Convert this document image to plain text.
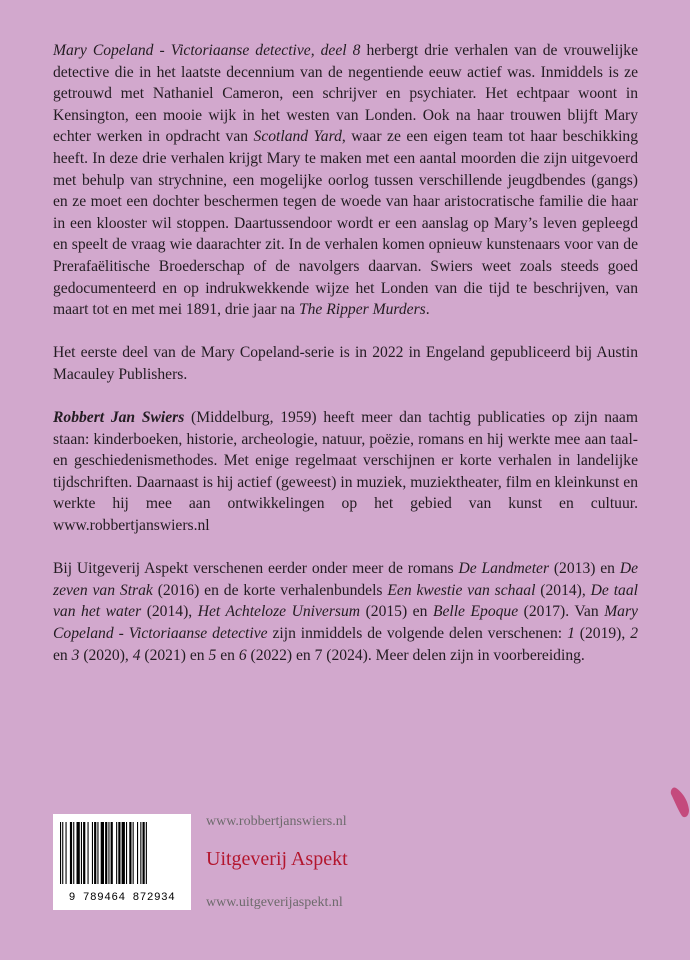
Mary Copeland - Victoriaanse detective, deel 8 herbergt drie verhalen van de vrouwelijke detective die in het laatste decennium van de negentiende eeuw actief was. Inmiddels is ze getrouwd met Nathaniel Cameron, een schrijver en psychiater. Het echtpaar woont in Kensington, een mooie wijk in het westen van Londen. Ook na haar trouwen blijft Mary echter werken in opdracht van Scotland Yard, waar ze een eigen team tot haar beschikking heeft. In deze drie verhalen krijgt Mary te maken met een aantal moorden die zijn uitgevoerd met behulp van strychnine, een mogelijke oorlog tussen verschillende jeugdbendes (gangs) en ze moet een dochter beschermen tegen de woede van haar aristocratische familie die haar in een klooster wil stoppen. Daartussendoor wordt er een aanslag op Mary’s leven gepleegd en speelt de vraag wie daarachter zit. In de verhalen komen opnieuw kunstenaars voor van de Prerafaëlitische Broederschap of de navolgers daarvan. Swiers weet zoals steeds goed gedocumenteerd en op indrukwekkende wijze het Londen van die tijd te beschrijven, van maart tot en met mei 1891, drie jaar na The Ripper Murders.

Het eerste deel van de Mary Copeland-serie is in 2022 in Engeland gepubliceerd bij Austin Macauley Publishers.

Robbert Jan Swiers (Middelburg, 1959) heeft meer dan tachtig publicaties op zijn naam staan: kinderboeken, historie, archeologie, natuur, poëzie, romans en hij werkte mee aan taal- en geschiedenismethodes. Met enige regelmaat verschijnen er korte verhalen in landelijke tijdschriften. Daarnaast is hij actief (geweest) in muziek, muziektheater, film en kleinkunst en werkte hij mee aan ontwikkelingen op het gebied van kunst en cultuur. www.robbertjanswiers.nl

Bij Uitgeverij Aspekt verschenen eerder onder meer de romans De Landmeter (2013) en De zeven van Strak (2016) en de korte verhalenbundels Een kwestie van schaal (2014), De taal van het water (2014), Het Achteloze Universum (2015) en Belle Epoque (2017). Van Mary Copeland - Victoriaanse detective zijn inmiddels de volgende delen verschenen: 1 (2019), 2 en 3 (2020), 4 (2021) en 5 en 6 (2022) en 7 (2024). Meer delen zijn in voorbereiding.

9 789464 872934
www.robbertjanswiers.nl
Uitgeverij Aspekt
www.uitgeverijaspekt.nl
